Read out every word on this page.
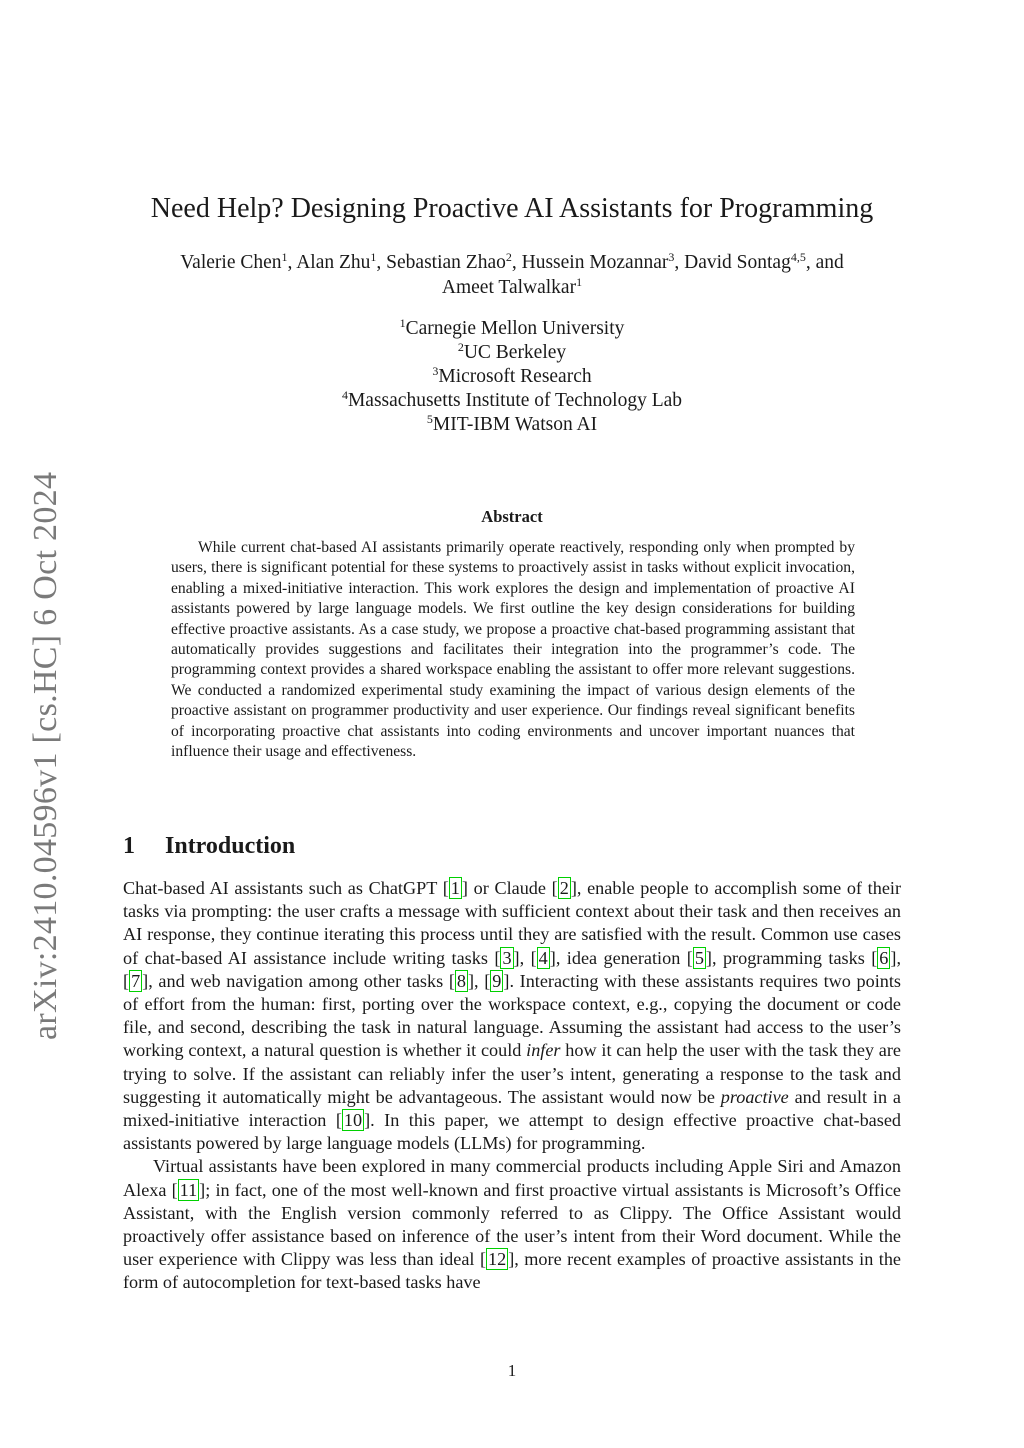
arXiv:2410.04596v1 [cs.HC] 6 Oct 2024
Need Help? Designing Proactive AI Assistants for Programming
Valerie Chen$^1$, Alan Zhu$^1$, Sebastian Zhao$^2$, Hussein Mozannar$^3$, David Sontag$^{4,5}$, and
Ameet Talwalkar$^1$
$^1$Carnegie Mellon University
$^2$UC Berkeley
$^3$Microsoft Research
$^4$Massachusetts Institute of Technology Lab
$^5$MIT-IBM Watson AI
Abstract

While current chat-based AI assistants primarily operate reactively, responding only when prompted by users, there is significant potential for these systems to proactively assist in tasks without explicit invocation, enabling a mixed-initiative interaction. This work explores the design and implementation of proactive AI assistants powered by large language models. We first outline the key design considerations for building effective proactive assistants. As a case study, we propose a proactive chat-based programming assistant that automatically provides suggestions and facilitates their integration into the programmer’s code. The programming context provides a shared workspace enabling the assistant to offer more relevant suggestions. We conducted a randomized experimental study examining the impact of various design elements of the proactive assistant on programmer productivity and user experience. Our findings reveal significant benefits of incorporating proactive chat assistants into coding environments and uncover important nuances that influence their usage and effectiveness.

1 Introduction

Chat-based AI assistants such as ChatGPT [ 1 ] or Claude [ 2 ], enable people to accomplish some of their tasks via prompting: the user crafts a message with sufficient context about their task and then receives an AI response, they continue iterating this process until they are satisfied with the result. Common use cases of chat-based AI assistance include writing tasks [ 3 ], [ 4 ], idea generation [ 5 ], programming tasks [ 6 ], [ 7 ], and web navigation among other tasks [ 8 ], [ 9 ]. Interacting with these assistants requires two points of effort from the human: first, porting over the workspace context, e.g., copying the document or code file, and second, describing the task in natural language. Assuming the assistant had access to the user’s working context, a natural question is whether it could infer how it can help the user with the task they are trying to solve. If the assistant can reliably infer the user’s intent, generating a response to the task and suggesting it automatically might be advantageous. The assistant would now be proactive and result in a mixed-initiative interaction [ 10 ]. In this paper, we attempt to design effective proactive chat-based assistants powered by large language models (LLMs) for programming.

Virtual assistants have been explored in many commercial products including Apple Siri and Amazon Alexa [ 11 ]; in fact, one of the most well-known and first proactive virtual assistants is Microsoft’s Office Assistant, with the English version commonly referred to as Clippy. The Office Assistant would proactively offer assistance based on inference of the user’s intent from their Word document. While the user experience with Clippy was less than ideal [ 12 ], more recent examples of proactive assistants in the form of autocompletion for text-based tasks have

1
